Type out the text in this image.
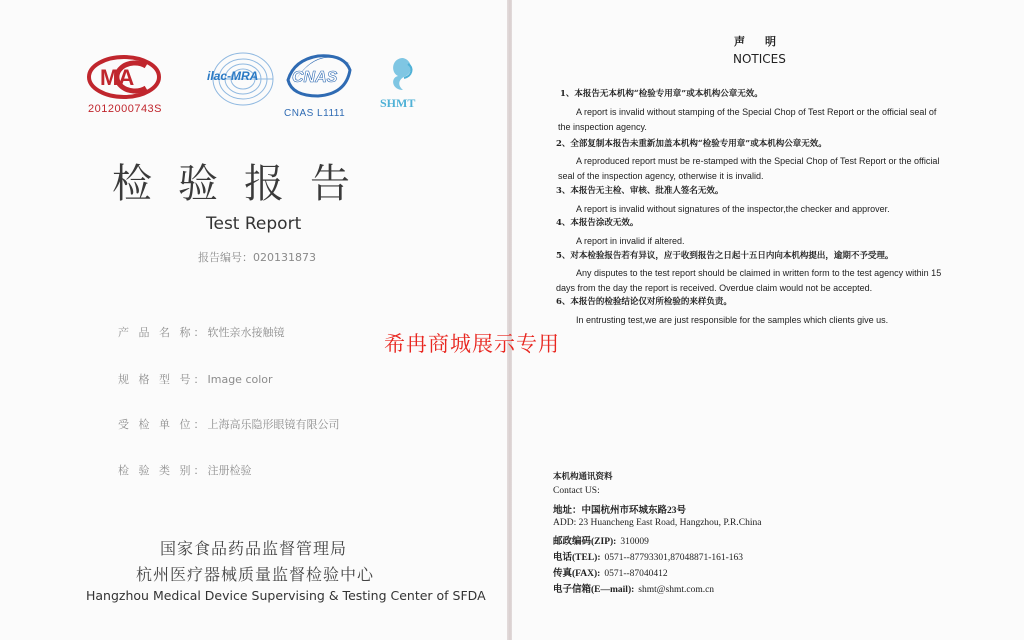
MA
2012000743S
ilac-MRA CNAS
CNAS L1111
SHMT
检验报告
Test Report
报告编号：020131873
产 品 名 称：软性亲水接触镜
规 格 型 号：Image color
受 检 单 位：上海高乐隐形眼镜有限公司
检 验 类 别：注册检验
国家食品药品监督管理局
杭州医疗器械质量监督检验中心
Hangzhou Medical Device Supervising & Testing Center of SFDA
声明
NOTICES
1、本报告无本机构“检验专用章”或本机构公章无效。
A report is invalid without stamping of the Special Chop of Test Report or the official seal of
the inspection agency.
2、全部复制本报告未重新加盖本机构“检验专用章”或本机构公章无效。
A reproduced report must be re-stamped with the Special Chop of Test Report or the official
seal of the inspection agency, otherwise it is invalid.
3、本报告无主检、审核、批准人签名无效。
A report is invalid without signatures of the inspector,the checker and approver.
4、本报告涂改无效。
A report in invalid if altered.
5、对本检验报告若有异议，应于收到报告之日起十五日内向本机构提出，逾期不予受理。
Any disputes to the test report should be claimed in written form to the test agency within 15
days from the day the report is received. Overdue claim would not be accepted.
6、本报告的检验结论仅对所检验的来样负责。
In entrusting test,we are just responsible for the samples which clients give us.
本机构通讯资料
Contact US:
地址：中国杭州市环城东路23号
ADD: 23 Huancheng East Road, Hangzhou, P.R.China
邮政编码(ZIP): 310009
电话(TEL): 0571--87793301,87048871-161-163
传真(FAX): 0571--87040412
电子信箱(E—mail): shmt@shmt.com.cn
希冉商城展示专用
